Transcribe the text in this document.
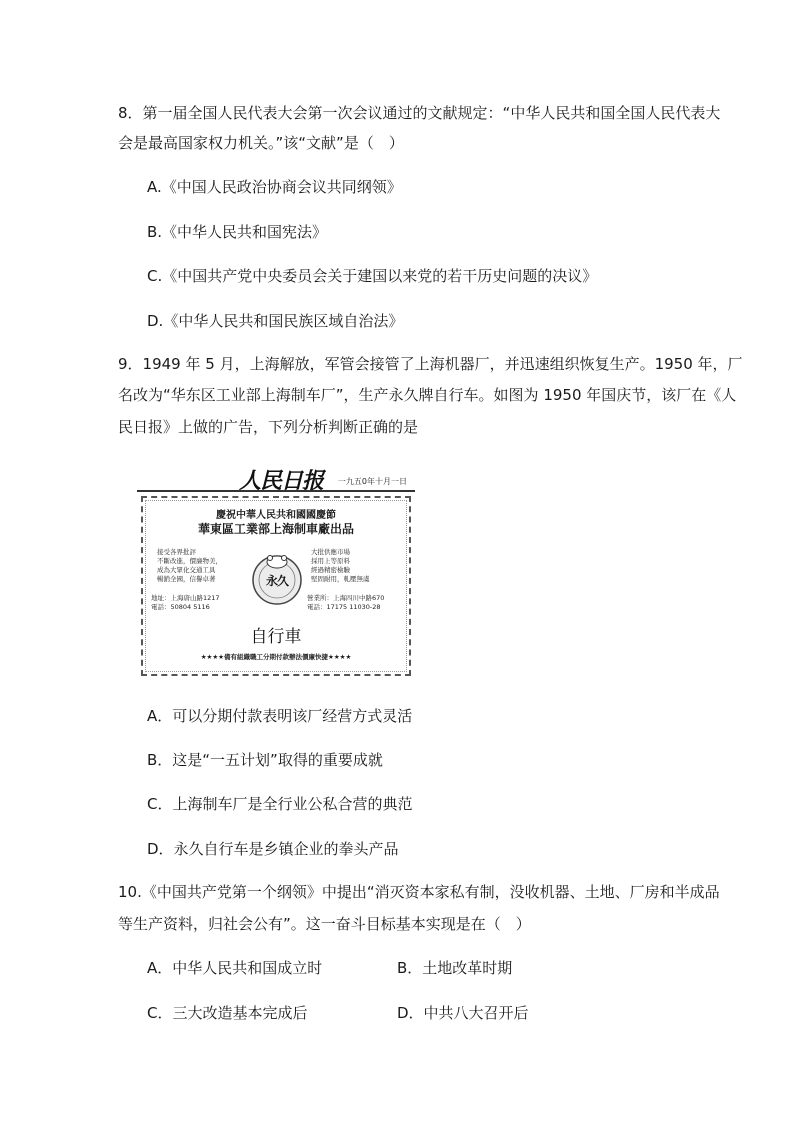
8．第一届全国人民代表大会第一次会议通过的文献规定：“中华人民共和国全国人民代表大
会是最高国家权力机关。”该“文献”是（　）
A.《中国人民政治协商会议共同纲领》
B.《中华人民共和国宪法》
C.《中国共产党中央委员会关于建国以来党的若干历史问题的决议》
D.《中华人民共和国民族区域自治法》
9．1949 年 5 月，上海解放，军管会接管了上海机器厂，并迅速组织恢复生产。1950 年，厂
名改为“华东区工业部上海制车厂”，生产永久牌自行车。如图为 1950 年国庆节，该厂在《人
民日报》上做的广告，下列分析判断正确的是
人民日报 一九五0年十月一日
慶祝中華人民共和國國慶節
華東區工業部上海制車廠出品
接受各界批評
不斷改進，價廉物美，
成為大眾化交通工具
暢銷全國，信譽卓著	永久
大批供應市場
採用上等原料
經過精密檢驗
堅固耐用，軋壓無虞
地址：上海唐山路1217
電話：50804 5116
營業所：上海四川中路670
電話：17175 11030-28
自行車
★★★★備有組織職工分期付款辦法價廉快捷★★★★
A．可以分期付款表明该厂经营方式灵活
B．这是“一五计划”取得的重要成就
C．上海制车厂是全行业公私合营的典范
D．永久自行车是乡镇企业的拳头产品
10.《中国共产党第一个纲领》中提出“消灭资本家私有制，没收机器、土地、厂房和半成品
等生产资料，归社会公有”。这一奋斗目标基本实现是在（　）
A．中华人民共和国成立时	B．土地改革时期
C．三大改造基本完成后	D．中共八大召开后
